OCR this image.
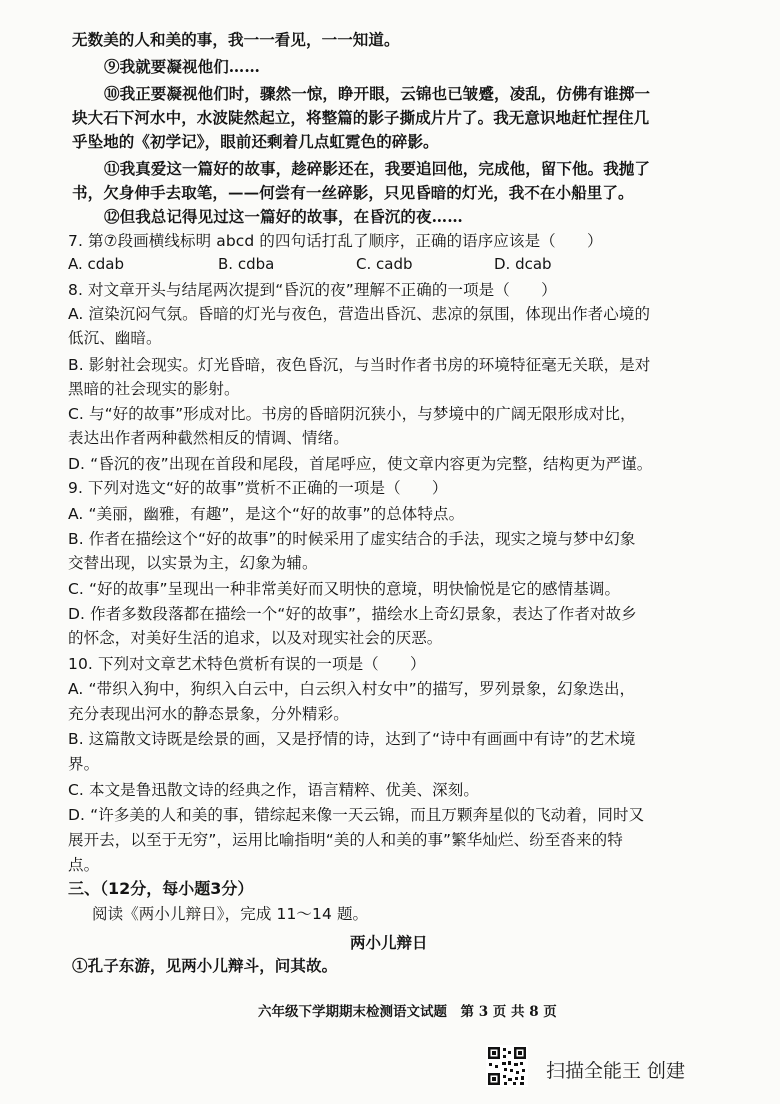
无数美的人和美的事，我一一看见，一一知道。
⑨我就要凝视他们……
⑩我正要凝视他们时，骤然一惊，睁开眼，云锦也已皱蹙，凌乱，仿佛有谁掷一
块大石下河水中，水波陡然起立，将整篇的影子撕成片片了。我无意识地赶忙捏住几
乎坠地的《初学记》，眼前还剩着几点虹霓色的碎影。
⑪我真爱这一篇好的故事，趁碎影还在，我要追回他，完成他，留下他。我抛了
书，欠身伸手去取笔，——何尝有一丝碎影，只见昏暗的灯光，我不在小船里了。
⑫但我总记得见过这一篇好的故事，在昏沉的夜……
7. 第⑦段画横线标明 abcd 的四句话打乱了顺序，正确的语序应该是（　　）
A. cdab	B. cdba	C. cadb	D. dcab
8. 对文章开头与结尾两次提到“昏沉的夜”理解不正确的一项是（　　）
A. 渲染沉闷气氛。昏暗的灯光与夜色，营造出昏沉、悲凉的氛围，体现出作者心境的
低沉、幽暗。
B. 影射社会现实。灯光昏暗，夜色昏沉，与当时作者书房的环境特征毫无关联，是对
黑暗的社会现实的影射。
C. 与“好的故事”形成对比。书房的昏暗阴沉狭小，与梦境中的广阔无限形成对比，
表达出作者两种截然相反的情调、情绪。
D. “昏沉的夜”出现在首段和尾段，首尾呼应，使文章内容更为完整，结构更为严谨。
9. 下列对选文“好的故事”赏析不正确的一项是（　　）
A. “美丽，幽雅，有趣”，是这个“好的故事”的总体特点。
B. 作者在描绘这个“好的故事”的时候采用了虚实结合的手法，现实之境与梦中幻象
交替出现，以实景为主，幻象为辅。
C. “好的故事”呈现出一种非常美好而又明快的意境，明快愉悦是它的感情基调。
D. 作者多数段落都在描绘一个“好的故事”，描绘水上奇幻景象，表达了作者对故乡
的怀念，对美好生活的追求，以及对现实社会的厌恶。
10. 下列对文章艺术特色赏析有误的一项是（　　）
A. “带织入狗中，狗织入白云中，白云织入村女中”的描写，罗列景象，幻象迭出，
充分表现出河水的静态景象，分外精彩。
B. 这篇散文诗既是绘景的画，又是抒情的诗，达到了“诗中有画画中有诗”的艺术境
界。
C. 本文是鲁迅散文诗的经典之作，语言精粹、优美、深刻。
D. “许多美的人和美的事，错综起来像一天云锦，而且万颗奔星似的飞动着，同时又
展开去，以至于无穷”，运用比喻指明“美的人和美的事”繁华灿烂、纷至沓来的特
点。
三、（12分，每小题3分）
阅读《两小儿辩日》，完成 11～14 题。
两小儿辩日
①孔子东游，见两小儿辩斗，问其故。
六年级下学期期末检测语文试题　第 3 页 共 8 页
扫描全能王 创建
